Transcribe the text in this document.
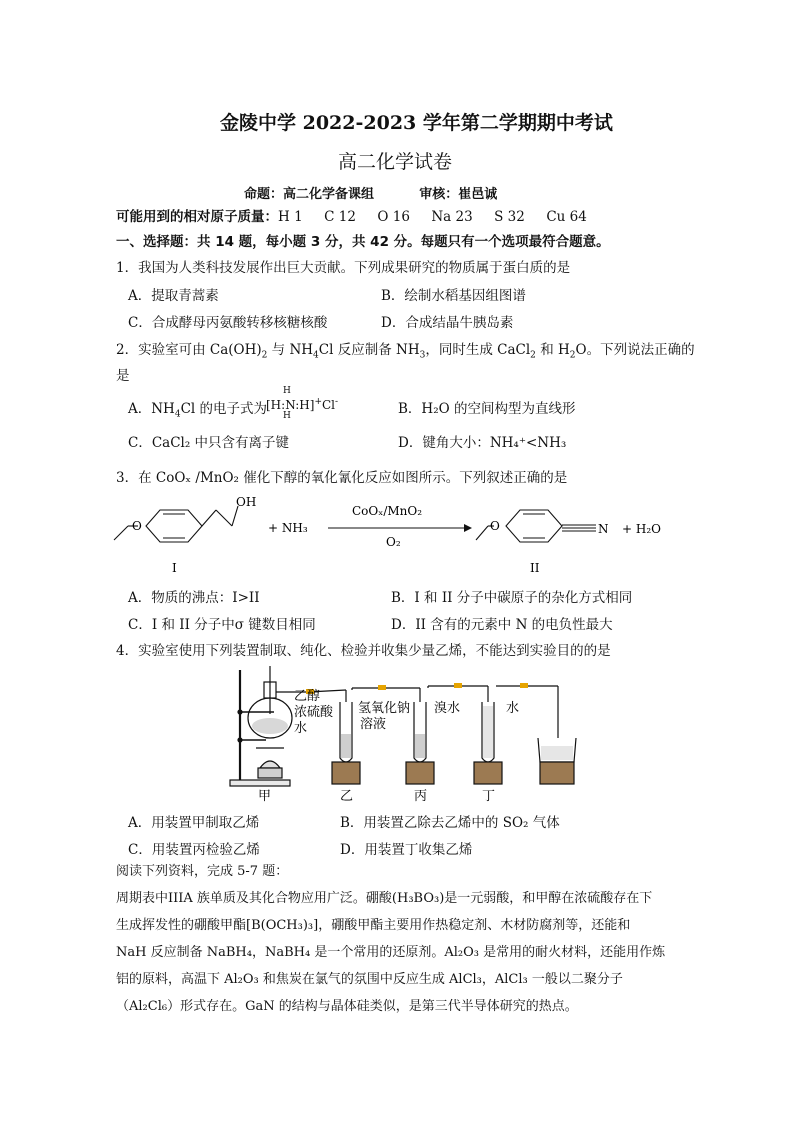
金陵中学 2022-2023 学年第二学期期中考试
高二化学试卷
命题：高二化学备课组          审核：崔邑诚
可能用到的相对原子质量：H 1     C 12     O 16     Na 23     S 32     Cu 64
一、选择题：共 14 题，每小题 3 分，共 42 分。每题只有一个选项最符合题意。
1．我国为人类科技发展作出巨大贡献。下列成果研究的物质属于蛋白质的是
A．提取青蒿素	B．绘制水稻基因组图谱
C．合成酵母丙氨酸转移核糖核酸	D．合成结晶牛胰岛素
2．实验室可由 $Ca(OH)_2$ 与 $NH_4Cl$ 反应制备 $NH_3$，同时生成 CaCl$_2$ 和 $H_2O$。下列说法正确的
是
A．$NH_4Cl$ 的电子式为
H
[H:N:H]+Cl-
H	B．H₂O 的空间构型为直线形
C．CaCl₂ 中只含有离子键	D．键角大小：NH₄⁺<NH₃
3．在 CoOₓ /MnO₂ 催化下醇的氧化氰化反应如图所示。下列叙述正确的是
O
OH
I
+ NH₃
CoOₓ/MnO₂
O₂
O	N + H₂O
II
A．物质的沸点：I>II	B．I 和 II 分子中碳原子的杂化方式相同
C．I 和 II 分子中σ 键数目相同	D．II 含有的元素中 N 的电负性最大
4．实验室使用下列装置制取、纯化、检验并收集少量乙烯，不能达到实验目的的是
乙醇
浓硫酸
水
氢氧化钠
溶液
溴水	水
甲	乙	丙	丁
A．用装置甲制取乙烯	B．用装置乙除去乙烯中的 SO₂ 气体
C．用装置丙检验乙烯	D．用装置丁收集乙烯
阅读下列资料，完成 5-7 题：
周期表中IIIA 族单质及其化合物应用广泛。硼酸(H₃BO₃)是一元弱酸，和甲醇在浓硫酸存在下
生成挥发性的硼酸甲酯[B(OCH₃)₃]，硼酸甲酯主要用作热稳定剂、木材防腐剂等，还能和
NaH 反应制备 NaBH₄，NaBH₄ 是一个常用的还原剂。Al₂O₃ 是常用的耐火材料，还能用作炼
铝的原料，高温下 Al₂O₃ 和焦炭在氯气的氛围中反应生成 AlCl₃，AlCl₃ 一般以二聚分子
（Al₂Cl₆）形式存在。GaN 的结构与晶体硅类似，是第三代半导体研究的热点。
